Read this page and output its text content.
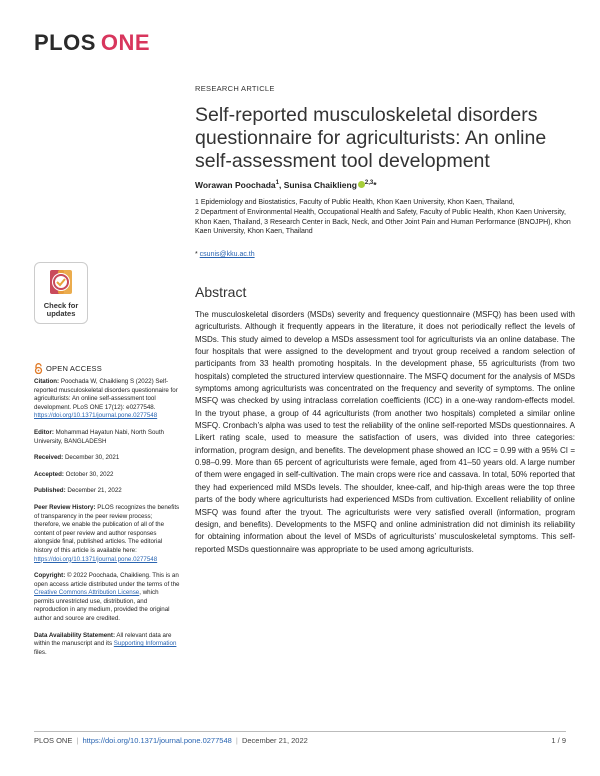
PLOS ONE
RESEARCH ARTICLE
Self-reported musculoskeletal disorders questionnaire for agriculturists: An online self-assessment tool development
Worawan Poochada$^1$, Sunisa Chaiklieng $^{2,3}$*

1 Epidemiology and Biostatistics, Faculty of Public Health, Khon Kaen University, Khon Kaen, Thailand,

2 Department of Environmental Health, Occupational Health and Safety, Faculty of Public Health, Khon Kaen University, Khon Kaen, Thailand, 3 Research Center in Back, Neck, and Other Joint Pain and Human Performance (BNOJPH), Khon Kaen University, Khon Kaen, Thailand

* csunis@kku.ac.th
Check for
updates
OPEN ACCESS

Citation: Poochada W, Chaiklieng S (2022) Self-reported musculoskeletal disorders questionnaire for agriculturists: An online self-assessment tool development. PLoS ONE 17(12): e0277548. https://doi.org/10.1371/journal.pone.0277548

Editor: Mohammad Hayatun Nabi, North South University, BANGLADESH

Received: December 30, 2021

Accepted: October 30, 2022

Published: December 21, 2022

Peer Review History: PLOS recognizes the benefits of transparency in the peer review process; therefore, we enable the publication of all of the content of peer review and author responses alongside final, published articles. The editorial history of this article is available here: https://doi.org/10.1371/journal.pone.0277548

Copyright: © 2022 Poochada, Chaiklieng. This is an open access article distributed under the terms of the Creative Commons Attribution License, which permits unrestricted use, distribution, and reproduction in any medium, provided the original author and source are credited.

Data Availability Statement: All relevant data are within the manuscript and its Supporting Information files.

Abstract

The musculoskeletal disorders (MSDs) severity and frequency questionnaire (MSFQ) has been used with agriculturists. Although it frequently appears in the literature, it does not periodically reflect the levels of MSDs. This study aimed to develop a MSDs assessment tool for agriculturists via an online database. The four hospitals that were assigned to the development and tryout group received a random selection of participants from 33 health promoting hospitals. In the development phase, 55 agriculturists (from two hospitals) completed the structured interview questionnaire. The MSFQ document for the analysis of MSDs symptoms among agriculturists was concentrated on the frequency and severity of symptoms. The online MSFQ was checked by using intraclass correlation coefficients (ICC) in a one-way random-effects model. In the tryout phase, a group of 44 agriculturists (from another two hospitals) completed a similar online MSFQ. Cronbach’s alpha was used to test the reliability of the online self-reported MSDs questionnaires. A Likert rating scale, used to measure the satisfaction of users, was divided into three categories: information, program design, and benefits. The development phase showed an ICC = 0.99 with a 95% CI = 0.98–0.99. More than 65 percent of agriculturists were female, aged from 41–50 years old. A large number of them were engaged in self-cultivation. The main crops were rice and cassava. In total, 50% reported that they had experienced mild MSDs levels. The shoulder, knee-calf, and hip-thigh areas were the top three parts of the body where agriculturists had experienced MSDs from cultivation. Excellent reliability of online MSFQ was found after the tryout. The agriculturists were very satisfied overall (information, program design, and benefits). Developments to the MSFQ and online administration did not diminish its reliability for obtaining information about the level of MSDs of agriculturists’ musculoskeletal symptoms. This self-reported MSDs questionnaire was appropriate to be used among agriculturists.

PLOS ONE | https://doi.org/10.1371/journal.pone.0277548 | December 21, 2022	1 / 9
